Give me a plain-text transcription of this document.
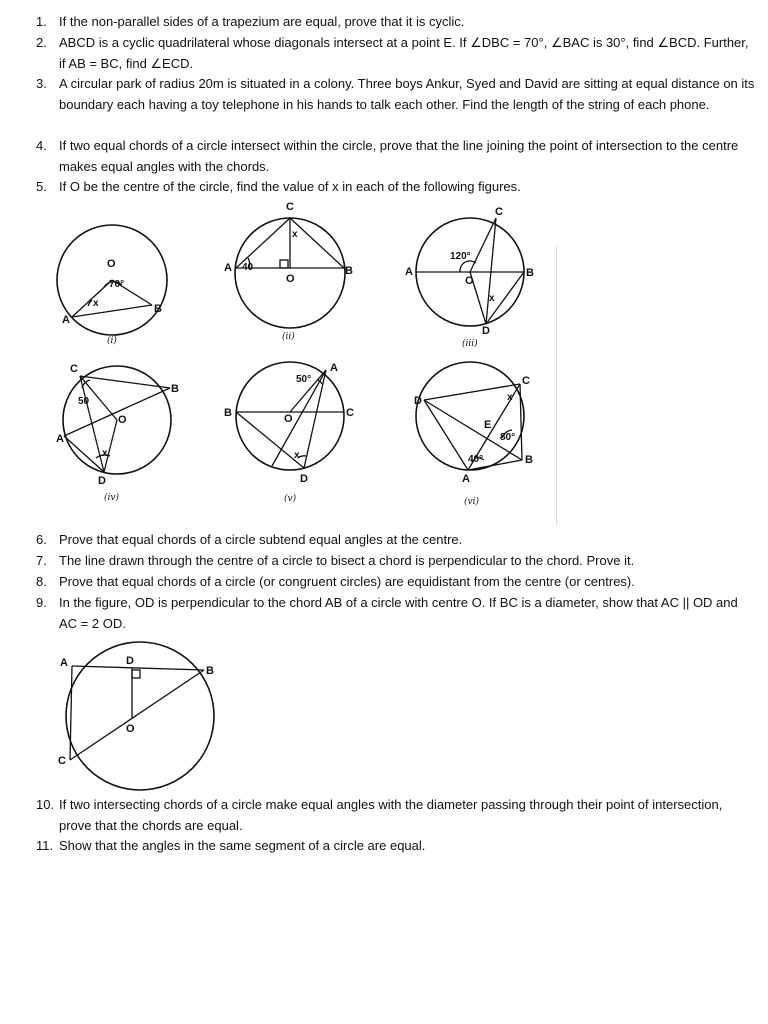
1. If the non-parallel sides of a trapezium are equal, prove that it is cyclic.
2. ABCD is a cyclic quadrilateral whose diagonals intersect at a point E. If ∠DBC = 70°, ∠BAC is 30°, find ∠BCD. Further, if AB = BC, find ∠ECD.
3. A circular park of radius 20m is situated in a colony. Three boys Ankur, Syed and David are sitting at equal distance on its boundary each having a toy telephone in his hands to talk each other. Find the length of the string of each phone.
4. If two equal chords of a circle intersect within the circle, prove that the line joining the point of intersection to the centre makes equal angles with the chords.
5. If O be the centre of the circle, find the value of x in each of the following figures.
O
70°
x
A
B
(i)
C
x
A 40	B
O
(ii)
C
120°
A	B
O
x
D
(iii)
C
50
B
O
A
x
D
(iv)
A
50°
B	C
O
x
D
(v)
C
D	x
E
80°
40°	B
A
(vi)
6. Prove that equal chords of a circle subtend equal angles at the centre.
7. The line drawn through the centre of a circle to bisect a chord is perpendicular to the chord. Prove it.
8. Prove that equal chords of a circle (or congruent circles) are equidistant from the centre (or centres).
9. In the figure, OD is perpendicular to the chord AB of a circle with centre O. If BC is a diameter, show that AC || OD and        AC = 2 OD.
A	D
B
O
C
10. If two intersecting chords of a circle make equal angles with the diameter passing through their point of intersection, prove that the chords are equal.
11. Show that the angles in the same segment of a circle are equal.
